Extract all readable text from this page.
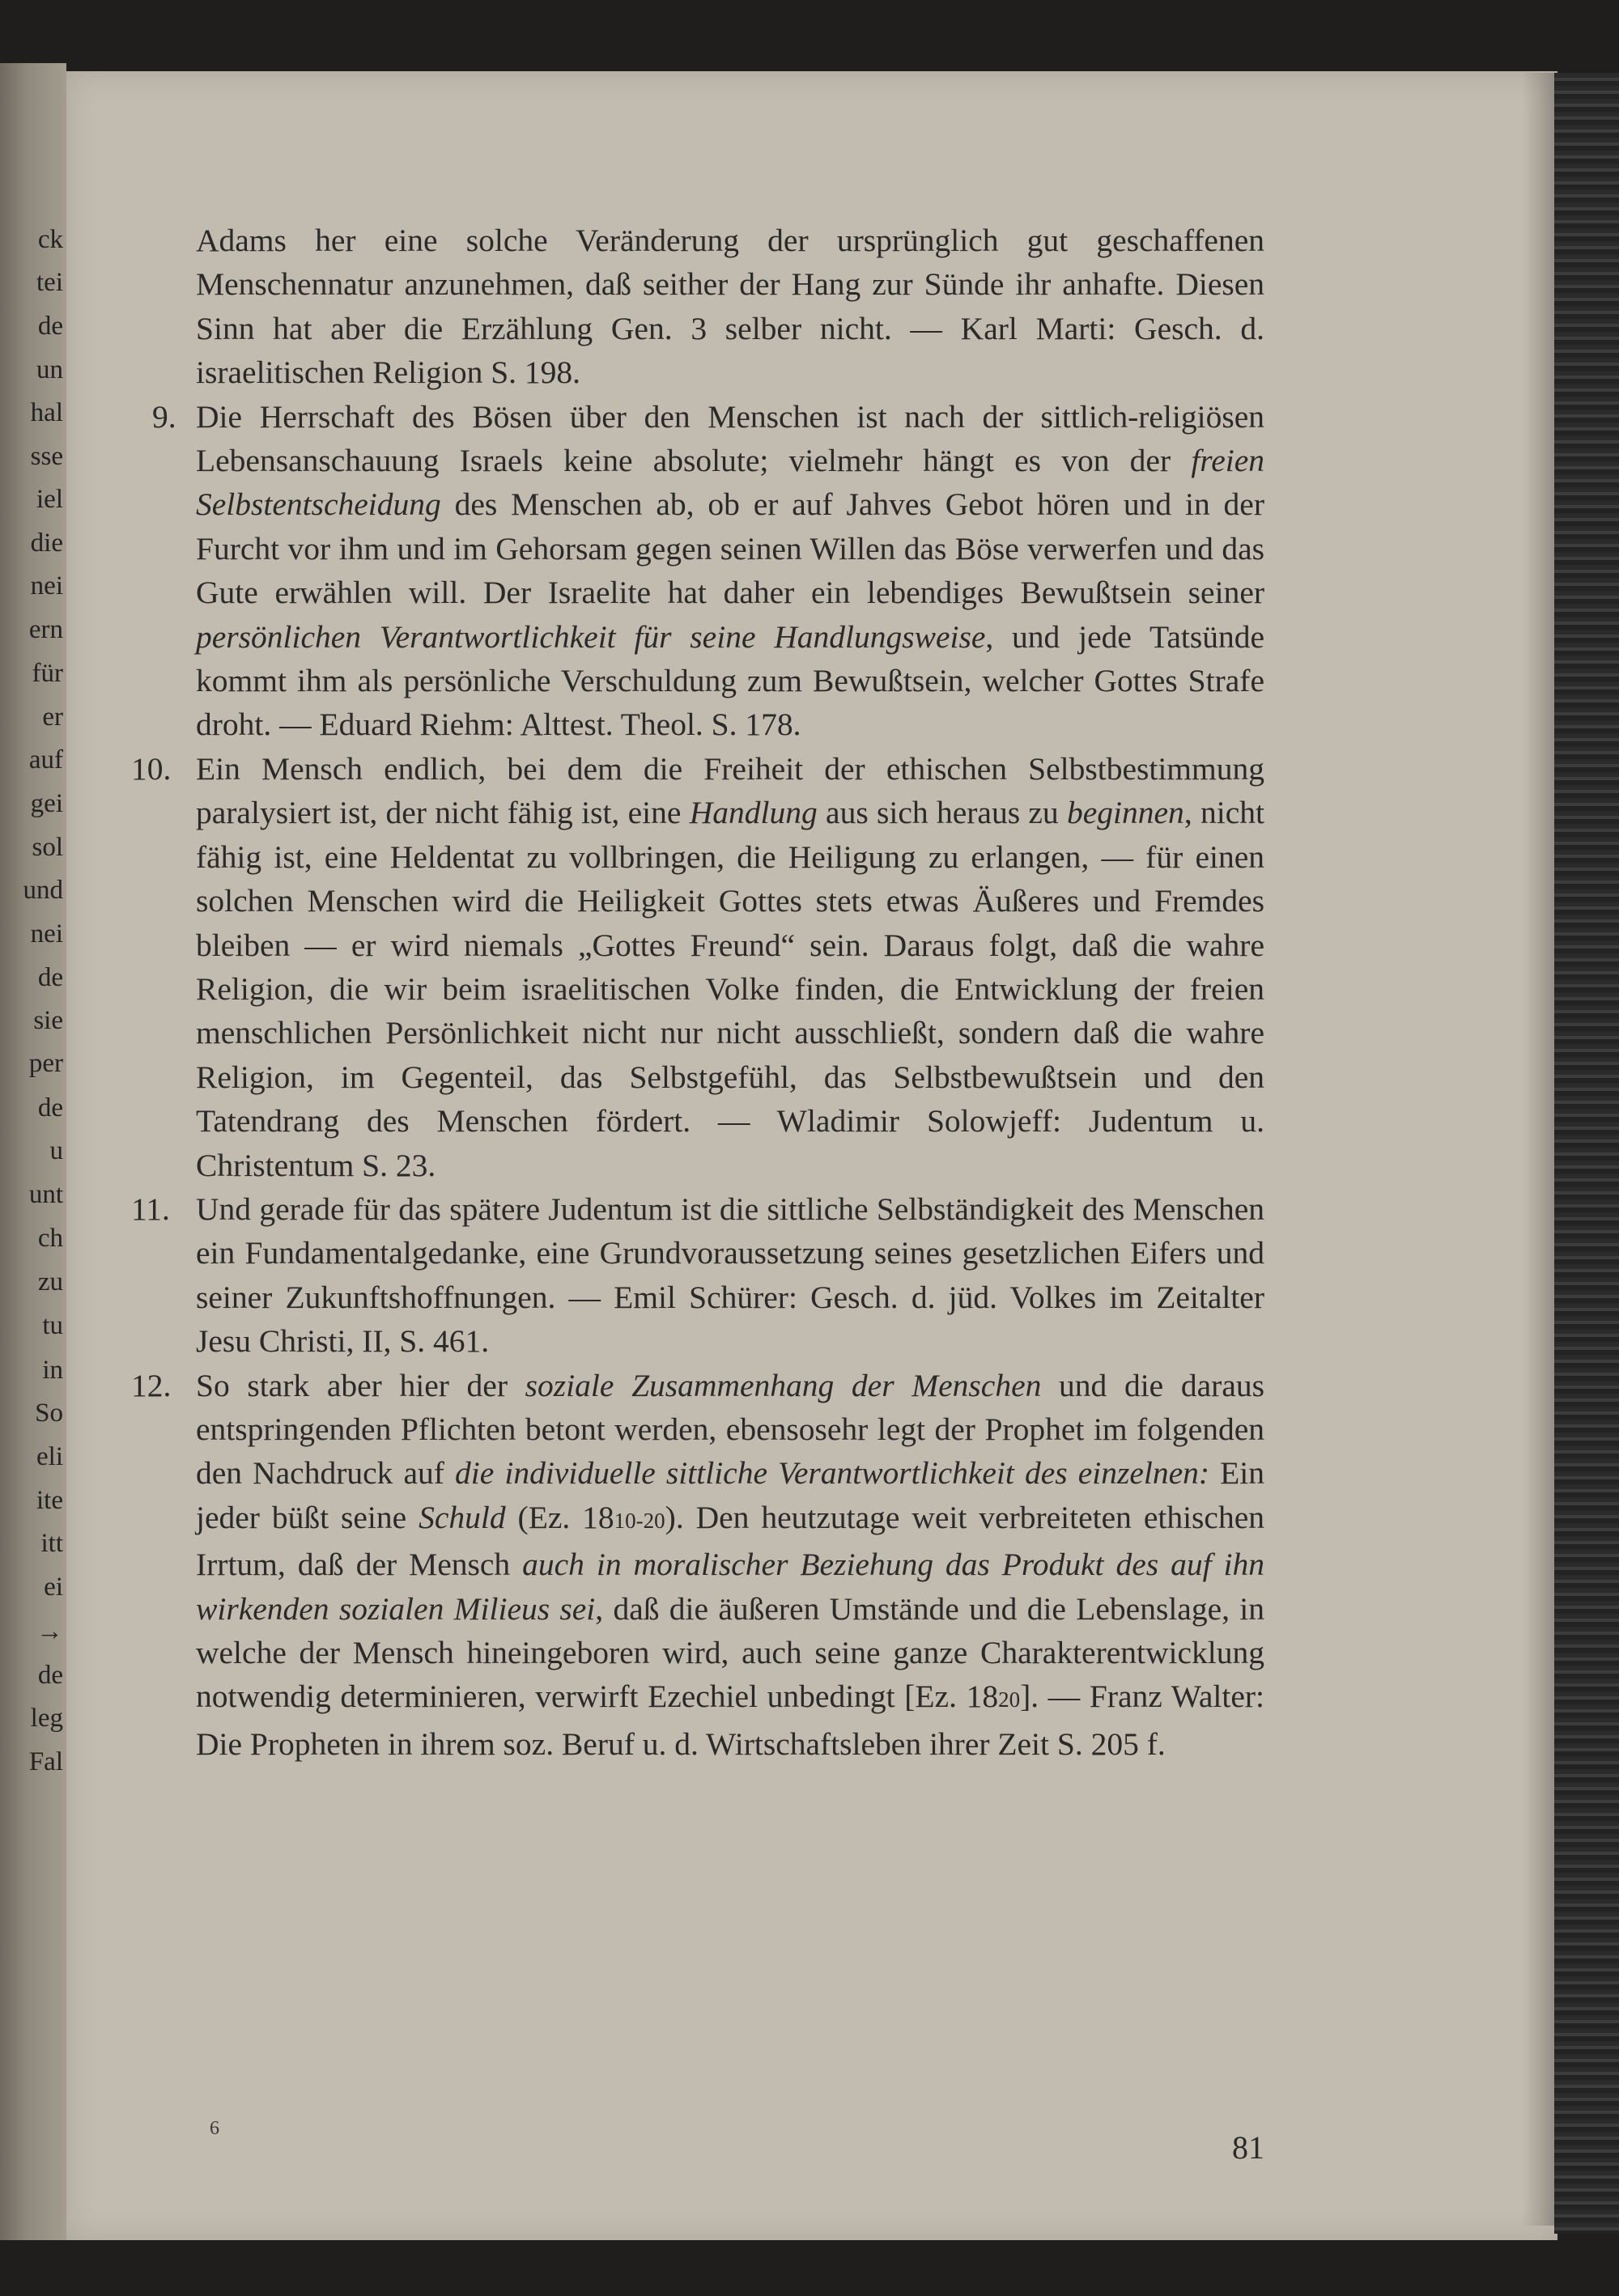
ck
tei
de
un
hal
sse
iel
die
nei
ern
für
er
auf
gei
sol
und
nei
de
sie
per
de
u
unt
ch
zu
tu
in
So
eli
ite
itt
ei
→
de
leg
Fal
Adams her eine solche Veränderung der ursprünglich gut geschaffenen Menschennatur anzunehmen, daß seither der Hang zur Sünde ihr anhafte. Diesen Sinn hat aber die Erzählung Gen. 3 selber nicht. — Karl Marti: Gesch. d. israelitischen Religion S. 198.
9. Die Herrschaft des Bösen über den Menschen ist nach der sittlich-religiösen Lebensanschauung Israels keine absolute; vielmehr hängt es von der freien Selbstentscheidung des Menschen ab, ob er auf Jahves Gebot hören und in der Furcht vor ihm und im Gehorsam gegen seinen Willen das Böse verwerfen und das Gute erwählen will. Der Israelite hat daher ein lebendiges Bewußtsein seiner persönlichen Verantwortlichkeit für seine Handlungsweise, und jede Tatsünde kommt ihm als persönliche Verschuldung zum Bewußtsein, welcher Gottes Strafe droht. — Eduard Riehm: Alttest. Theol. S. 178.
10. Ein Mensch endlich, bei dem die Freiheit der ethischen Selbstbestimmung paralysiert ist, der nicht fähig ist, eine Handlung aus sich heraus zu beginnen, nicht fähig ist, eine Heldentat zu vollbringen, die Heiligung zu erlangen, — für einen solchen Menschen wird die Heiligkeit Gottes stets etwas Äußeres und Fremdes bleiben — er wird niemals „Gottes Freund“ sein. Daraus folgt, daß die wahre Religion, die wir beim israelitischen Volke finden, die Entwicklung der freien menschlichen Persönlichkeit nicht nur nicht ausschließt, sondern daß die wahre Religion, im Gegenteil, das Selbstgefühl, das Selbstbewußtsein und den Tatendrang des Menschen fördert. — Wladimir Solowjeff: Judentum u. Christentum S. 23.
11. Und gerade für das spätere Judentum ist die sittliche Selbständigkeit des Menschen ein Fundamentalgedanke, eine Grundvoraussetzung seines gesetzlichen Eifers und seiner Zukunftshoffnungen. — Emil Schürer: Gesch. d. jüd. Volkes im Zeitalter Jesu Christi, II, S. 461.
12. So stark aber hier der soziale Zusammenhang der Menschen und die daraus entspringenden Pflichten betont werden, ebensosehr legt der Prophet im folgenden den Nachdruck auf die individuelle sittliche Verantwortlichkeit des einzelnen: Ein jeder büßt seine Schuld (Ez. 1810-20). Den heutzutage weit verbreiteten ethischen Irrtum, daß der Mensch auch in moralischer Beziehung das Produkt des auf ihn wirkenden sozialen Milieus sei, daß die äußeren Umstände und die Lebenslage, in welche der Mensch hineingeboren wird, auch seine ganze Charakterentwicklung notwendig determinieren, verwirft Ezechiel unbedingt [Ez. 1820]. — Franz Walter: Die Propheten in ihrem soz. Beruf u. d. Wirtschaftsleben ihrer Zeit S. 205 f.
6
81
